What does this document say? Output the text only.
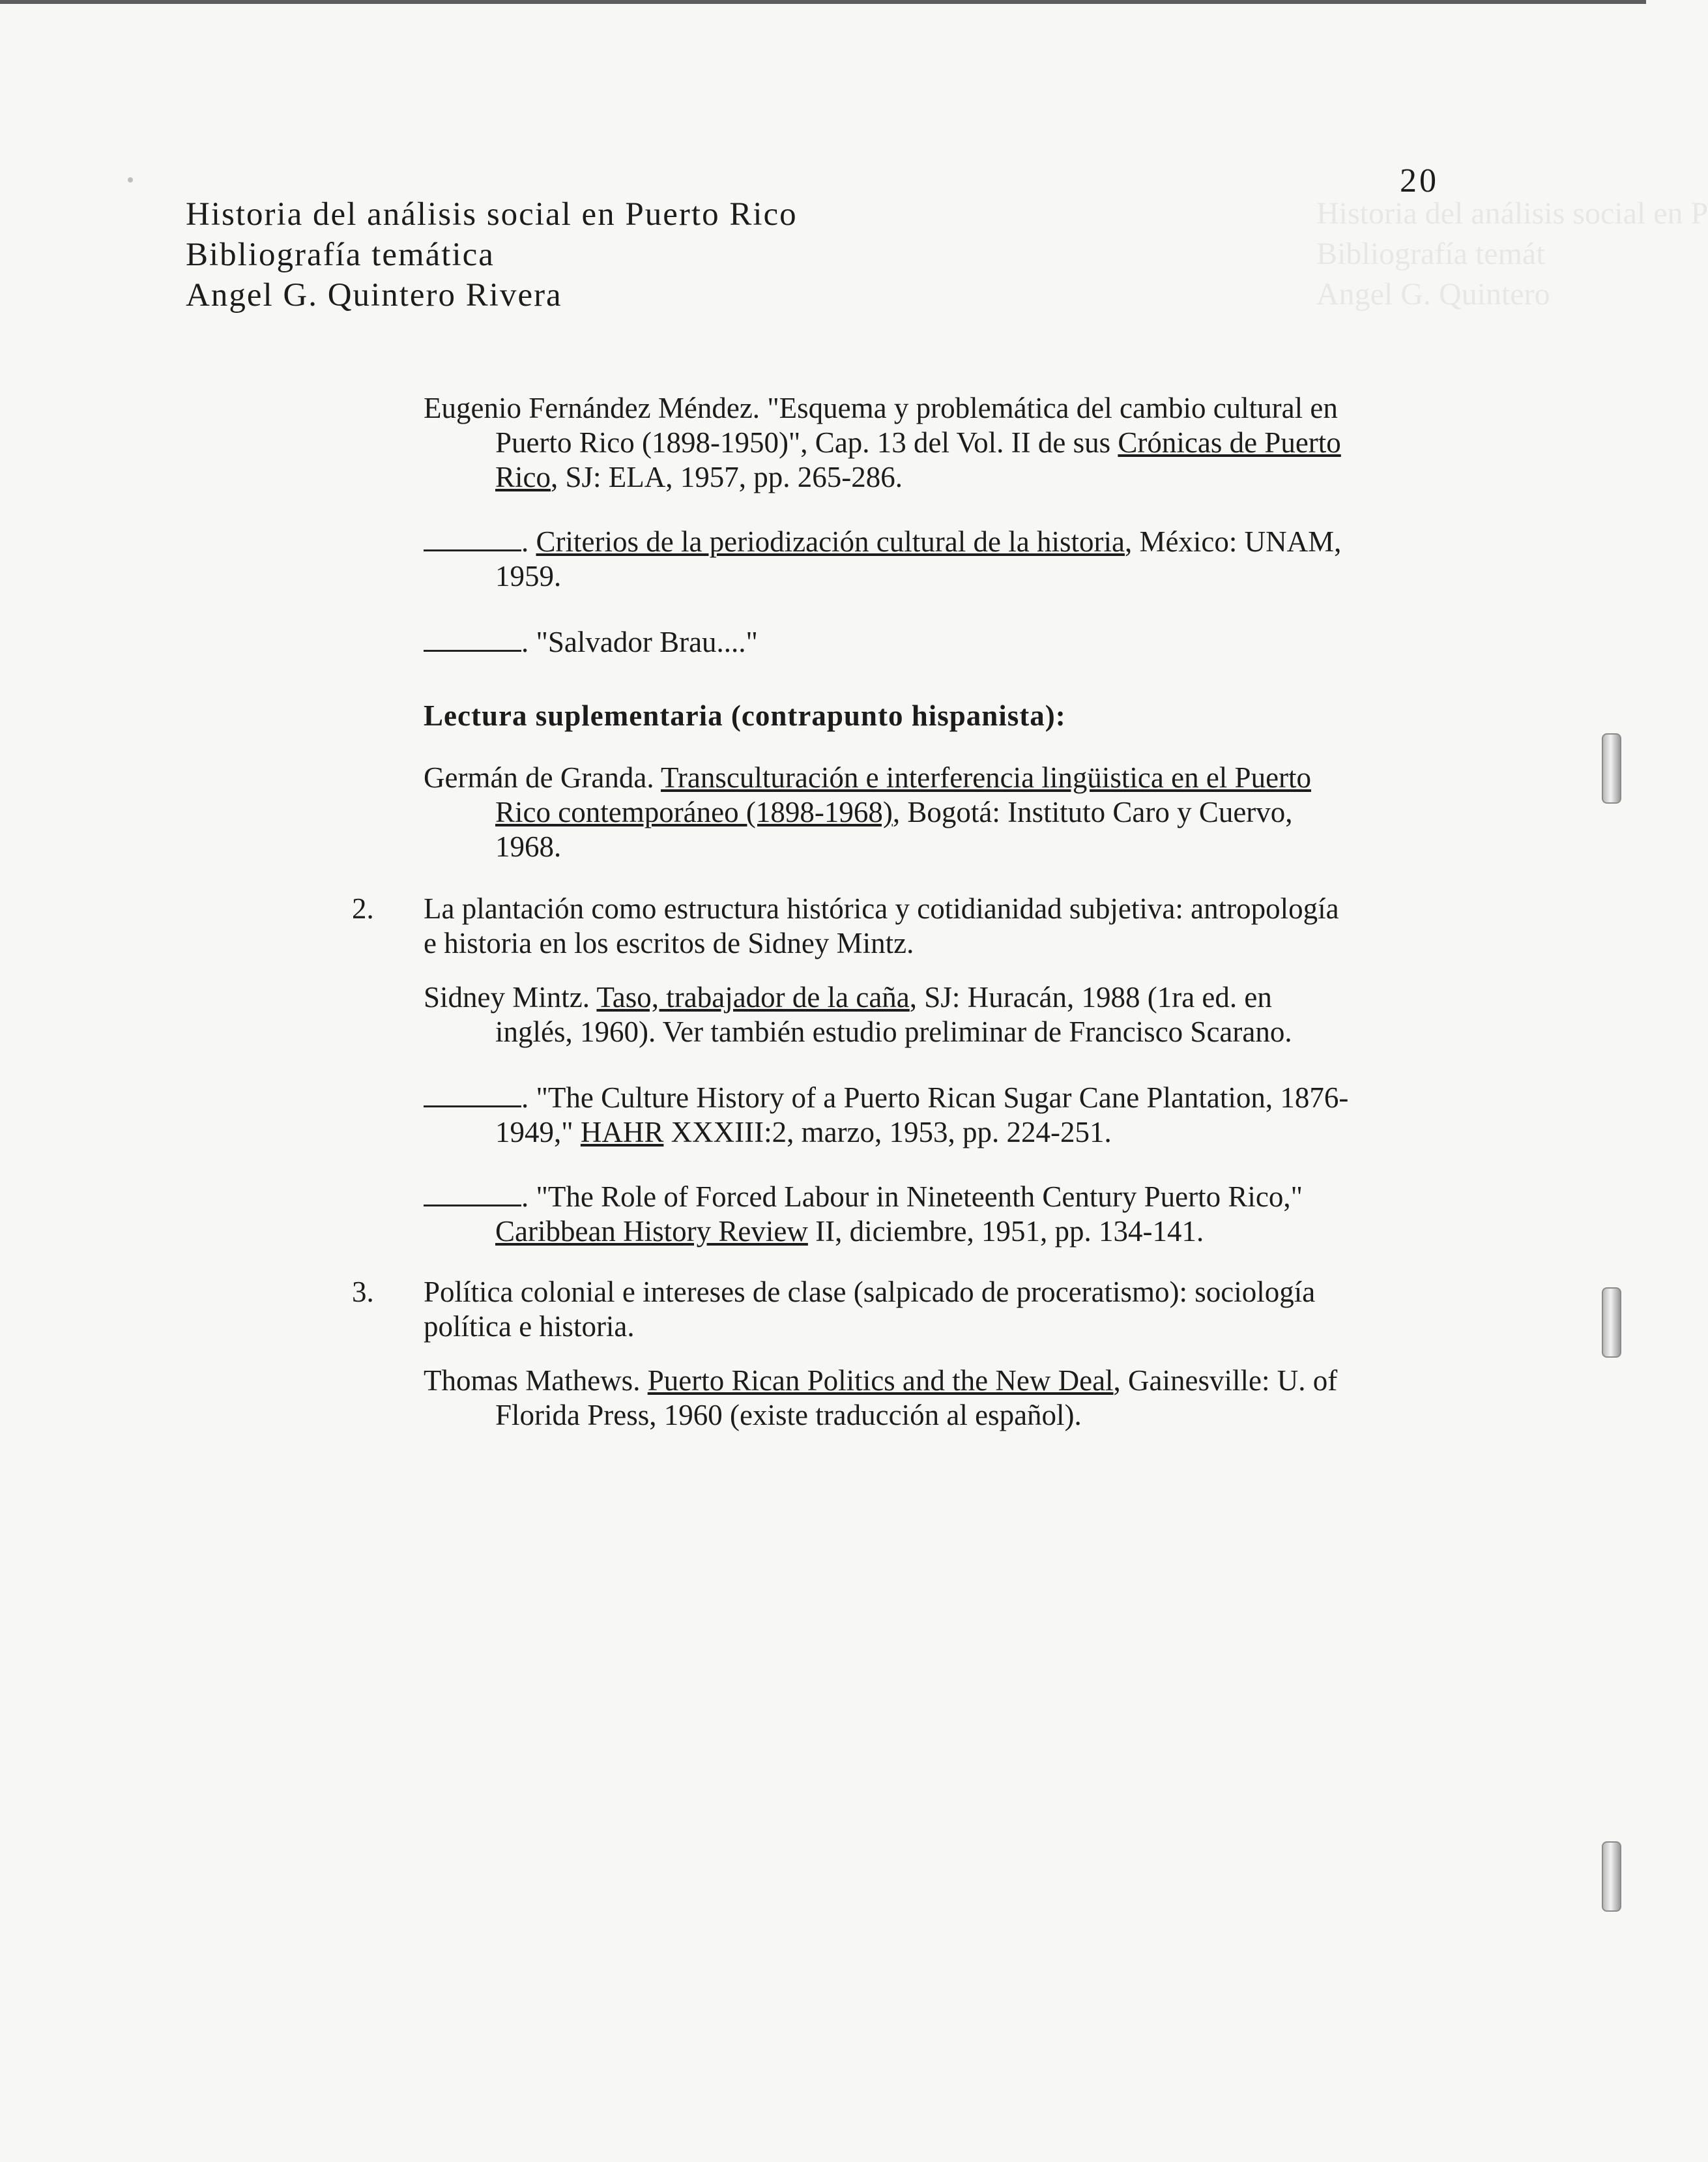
Historia del análisis social en P
Bibliografía temát
Angel G. Quintero
20
Historia del análisis social en Puerto Rico
Bibliografía temática
Angel G. Quintero Rivera

Eugenio Fernández Méndez. "Esquema y problemática del cambio cultural en Puerto Rico (1898-1950)", Cap. 13 del Vol. II de sus Crónicas de Puerto Rico, SJ: ELA, 1957, pp. 265-286.

. Criterios de la periodización cultural de la historia, México: UNAM, 1959.

. "Salvador Brau...."

Lectura suplementaria (contrapunto hispanista):

Germán de Granda. Transculturación e interferencia lingüistica en el Puerto Rico contemporáneo (1898-1968), Bogotá: Instituto Caro y Cuervo, 1968.

2. La plantación como estructura histórica y cotidianidad subjetiva: antropología e historia en los escritos de Sidney Mintz.

Sidney Mintz. Taso, trabajador de la caña, SJ: Huracán, 1988 (1ra ed. en inglés, 1960). Ver también estudio preliminar de Francisco Scarano.

. "The Culture History of a Puerto Rican Sugar Cane Plantation, 1876-1949," HAHR XXXIII:2, marzo, 1953, pp. 224-251.

. "The Role of Forced Labour in Nineteenth Century Puerto Rico," Caribbean History Review II, diciembre, 1951, pp. 134-141.

3. Política colonial e intereses de clase (salpicado de proceratismo): sociología política e historia.

Thomas Mathews. Puerto Rican Politics and the New Deal, Gainesville: U. of Florida Press, 1960 (existe traducción al español).
